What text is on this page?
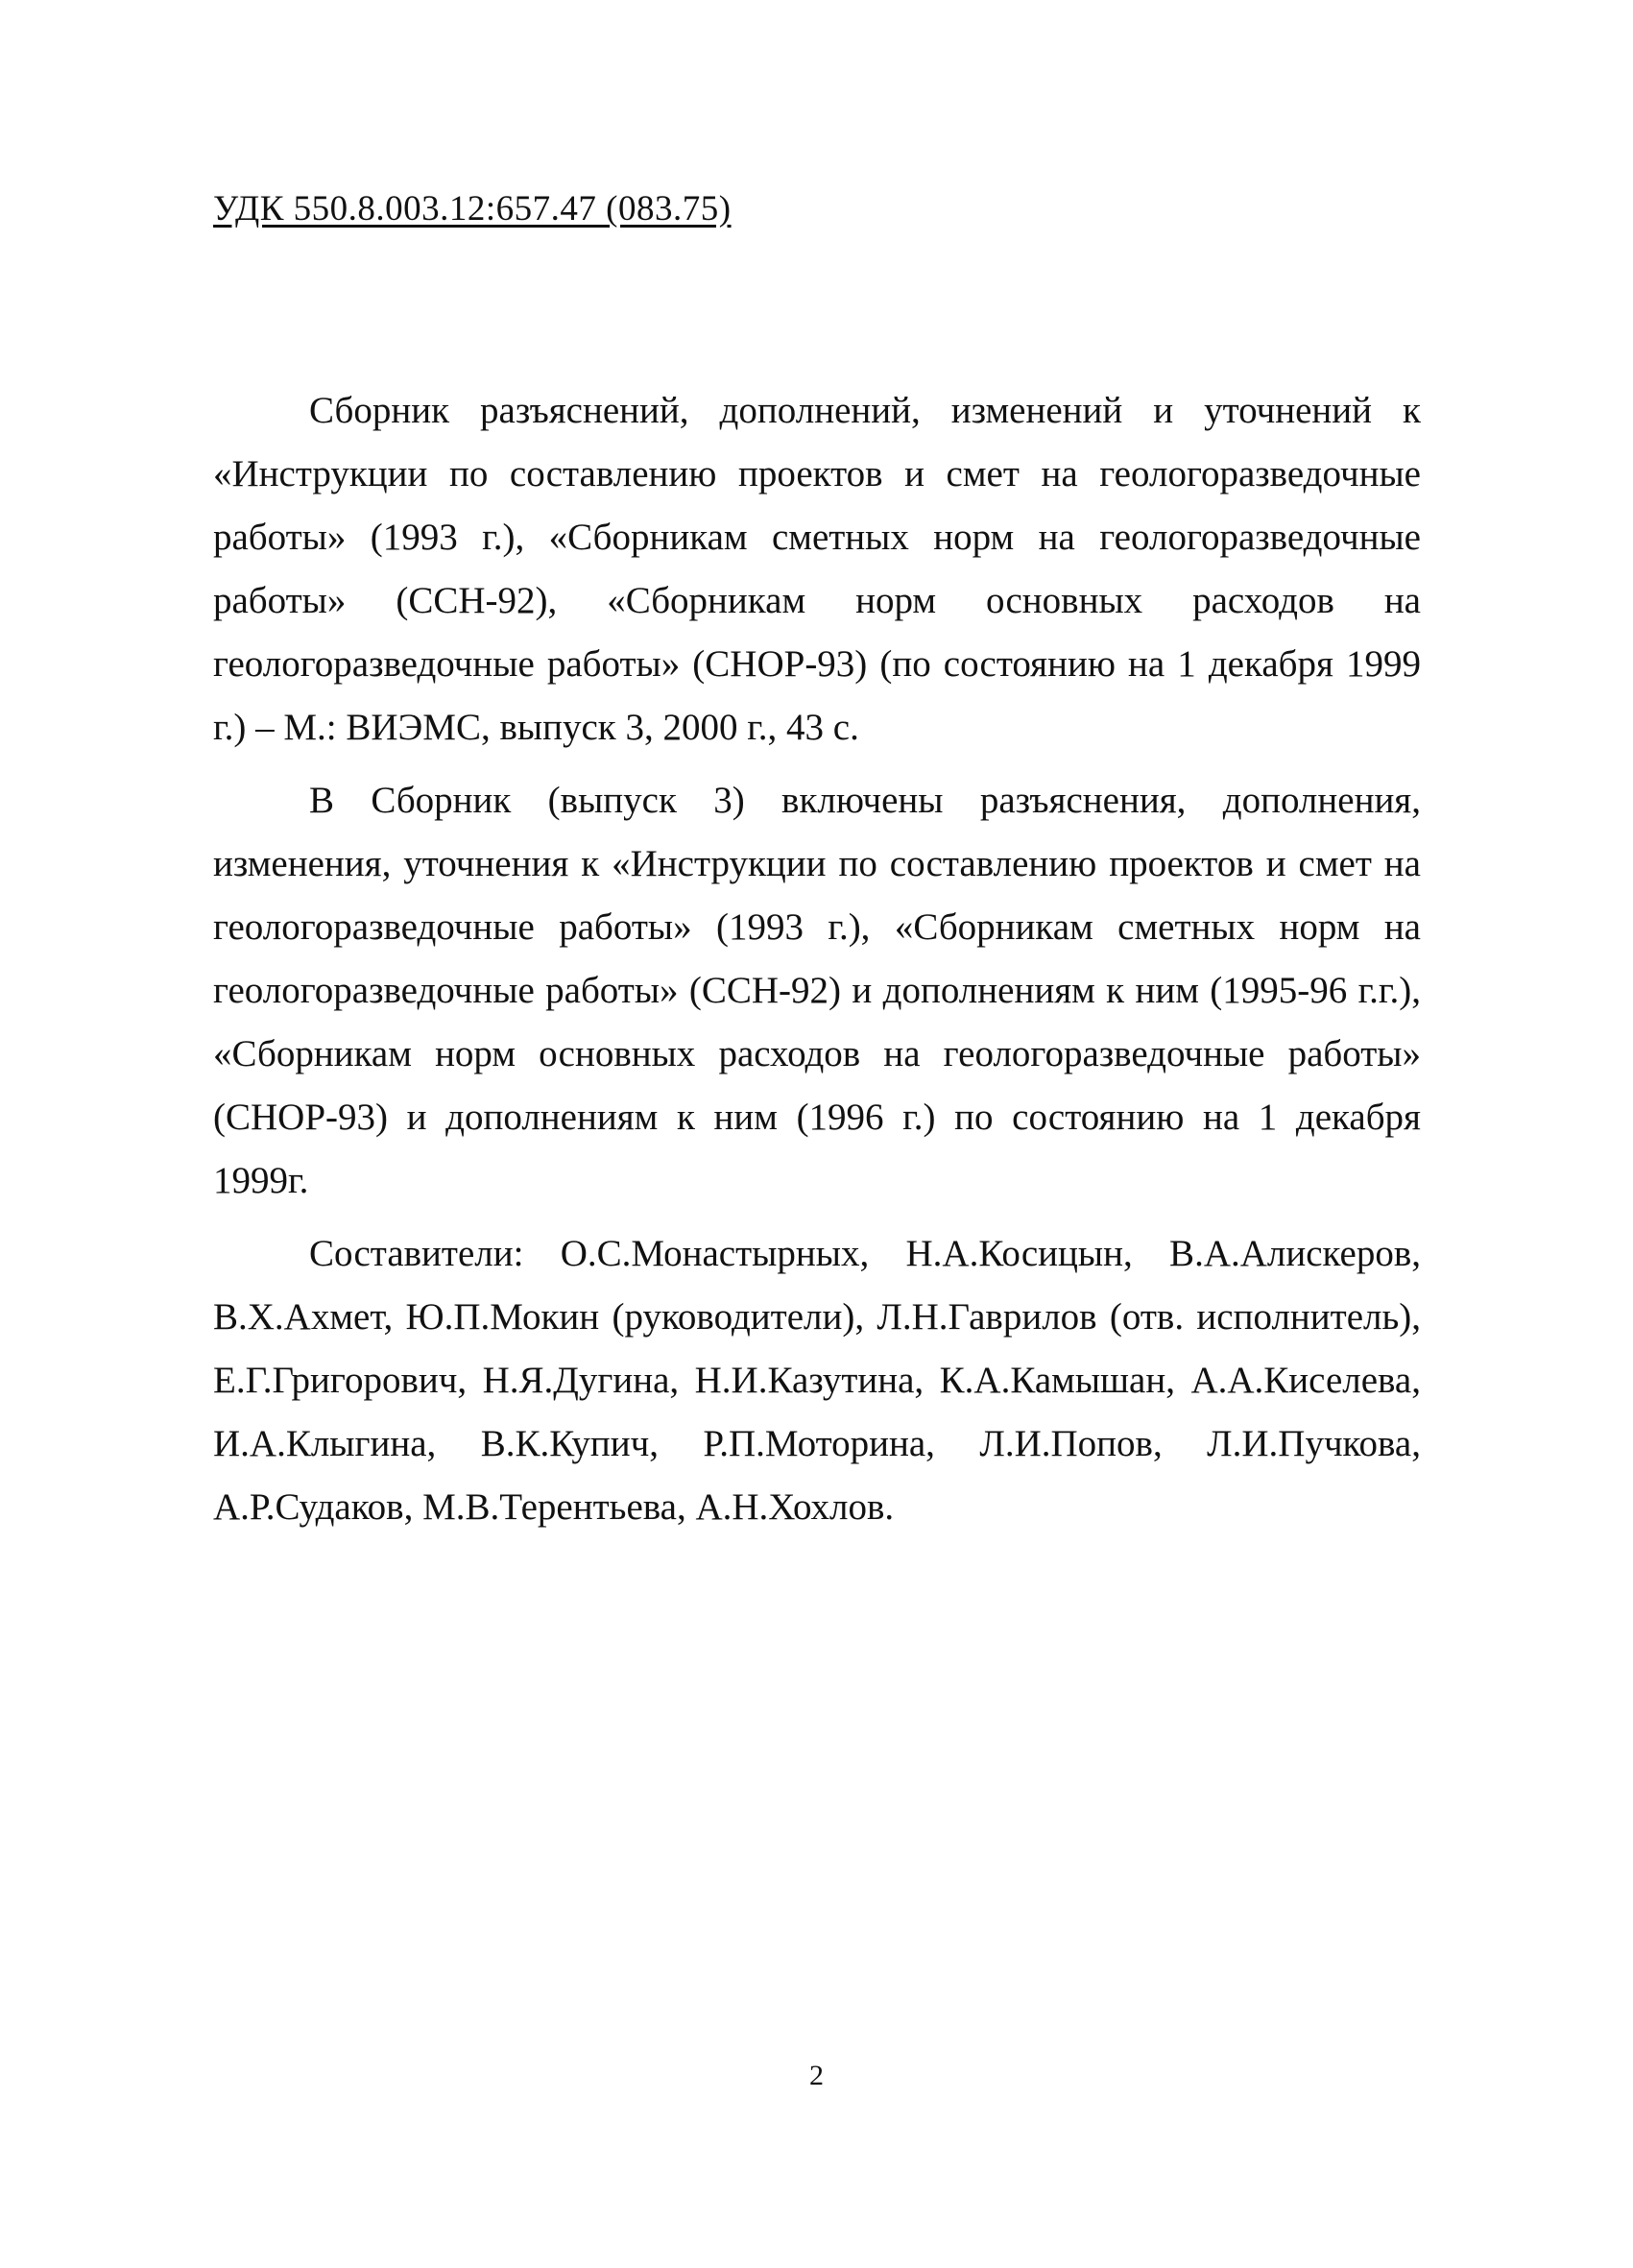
УДК 550.8.003.12:657.47 (083.75)

Сборник разъяснений, дополнений, изменений и уточнений к «Инструкции по составлению проектов и смет на геологоразведочные работы» (1993 г.), «Сборникам сметных норм на геологоразведочные работы» (ССН-92), «Сборникам норм основных расходов на геологоразведочные работы» (СНОР-93) (по состоянию на 1 декабря 1999 г.) – М.: ВИЭМС, выпуск 3, 2000 г., 43 с.

В Сборник (выпуск 3) включены разъяснения, дополнения, изменения, уточнения к «Инструкции по составлению проектов и смет на геологоразведочные работы» (1993 г.), «Сборникам сметных норм на геологоразведочные работы» (ССН-92) и дополнениям к ним (1995-96 г.г.), «Сборникам норм основных расходов на геологоразведочные работы» (СНОР-93) и дополнениям к ним (1996 г.) по состоянию на 1 декабря 1999г.

Составители: О.С.Монастырных, Н.А.Косицын, В.А.Алискеров, В.Х.Ахмет, Ю.П.Мокин (руководители), Л.Н.Гаврилов (отв. исполнитель), Е.Г.Григорович, Н.Я.Дугина, Н.И.Казутина, К.А.Камышан, А.А.Киселева, И.А.Клыгина, В.К.Купич, Р.П.Моторина, Л.И.Попов, Л.И.Пучкова, А.Р.Судаков, М.В.Терентьева, А.Н.Хохлов.

2
